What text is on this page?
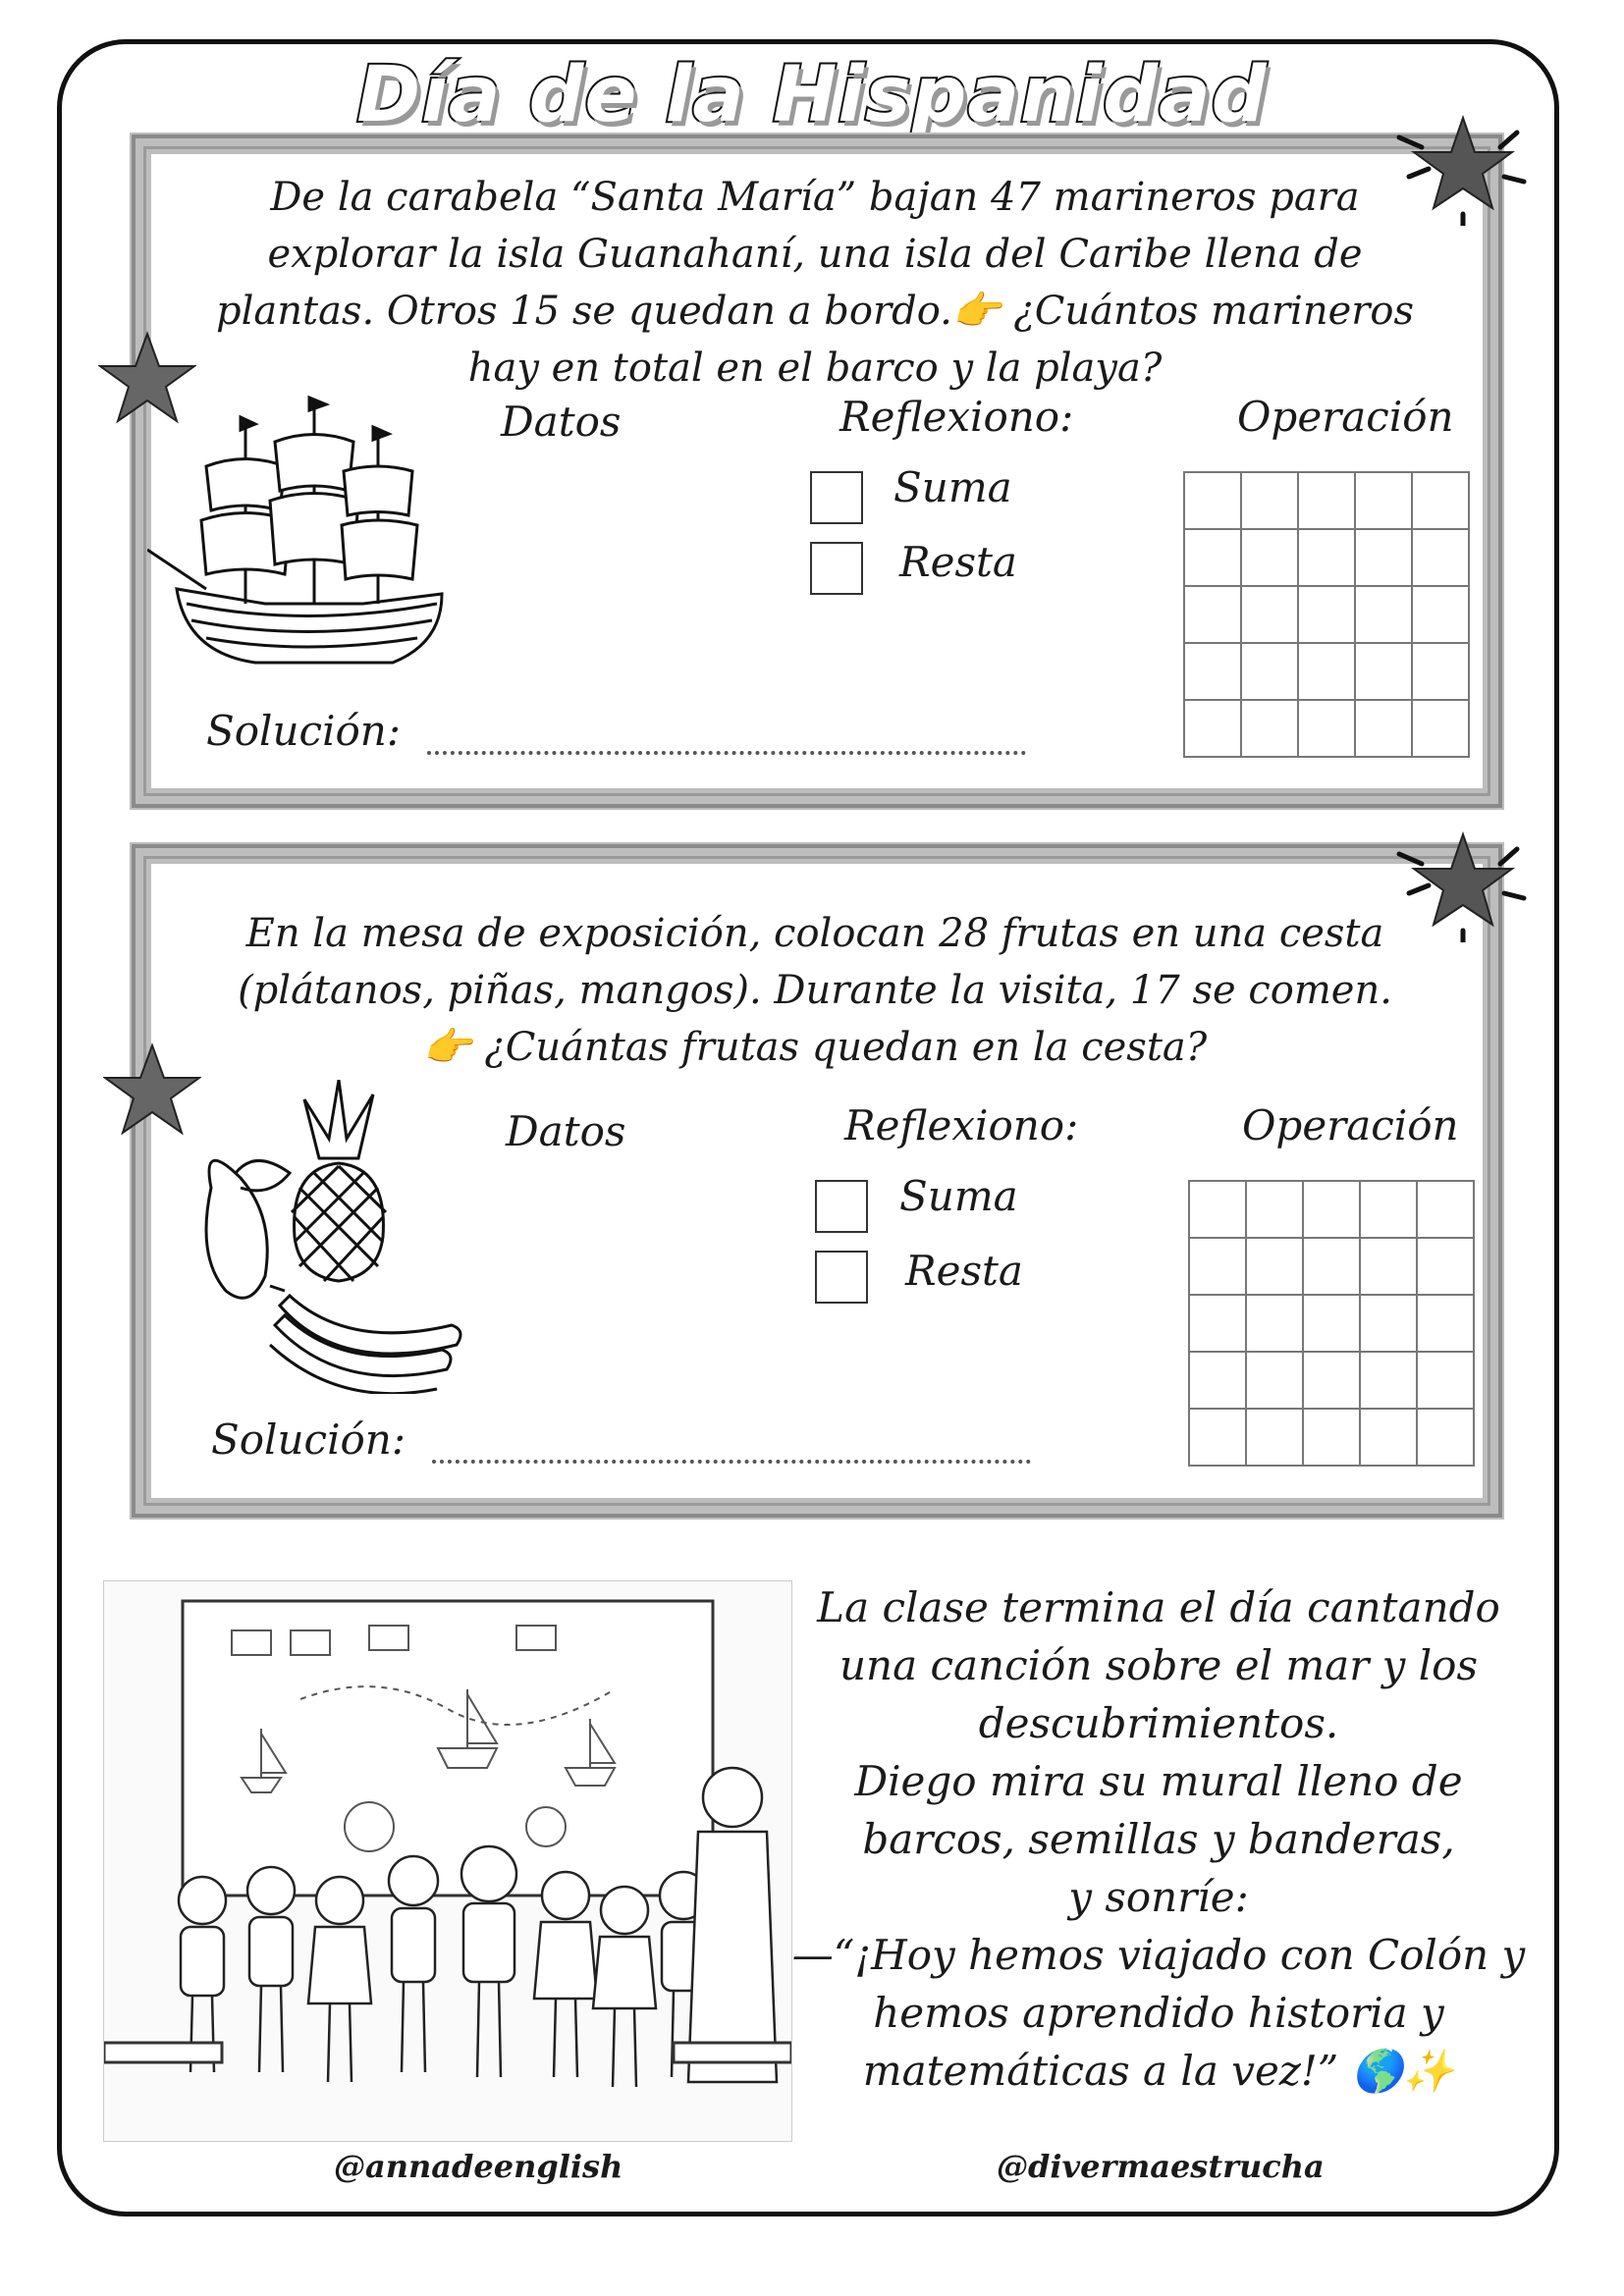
Día de la Hispanidad
De la carabela “Santa María” bajan 47 marineros para
explorar la isla Guanahaní, una isla del Caribe llena de
plantas. Otros 15 se quedan a bordo.👉 ¿Cuántos marineros
hay en total en el barco y la playa?
Datos	Reflexiono:	Operación
Suma
Resta
Solución:
En la mesa de exposición, colocan 28 frutas en una cesta
(plátanos, piñas, mangos). Durante la visita, 17 se comen.
👉 ¿Cuántas frutas quedan en la cesta?
Datos	Reflexiono:	Operación
Suma
Resta
Solución:

La clase termina el día cantando

una canción sobre el mar y los

descubrimientos.

Diego mira su mural lleno de

barcos, semillas y banderas,

y sonríe:

—“¡Hoy hemos viajado con Colón y

hemos aprendido historia y

matemáticas a la vez!” 🌎✨

@annadeenglish	@divermaestrucha
